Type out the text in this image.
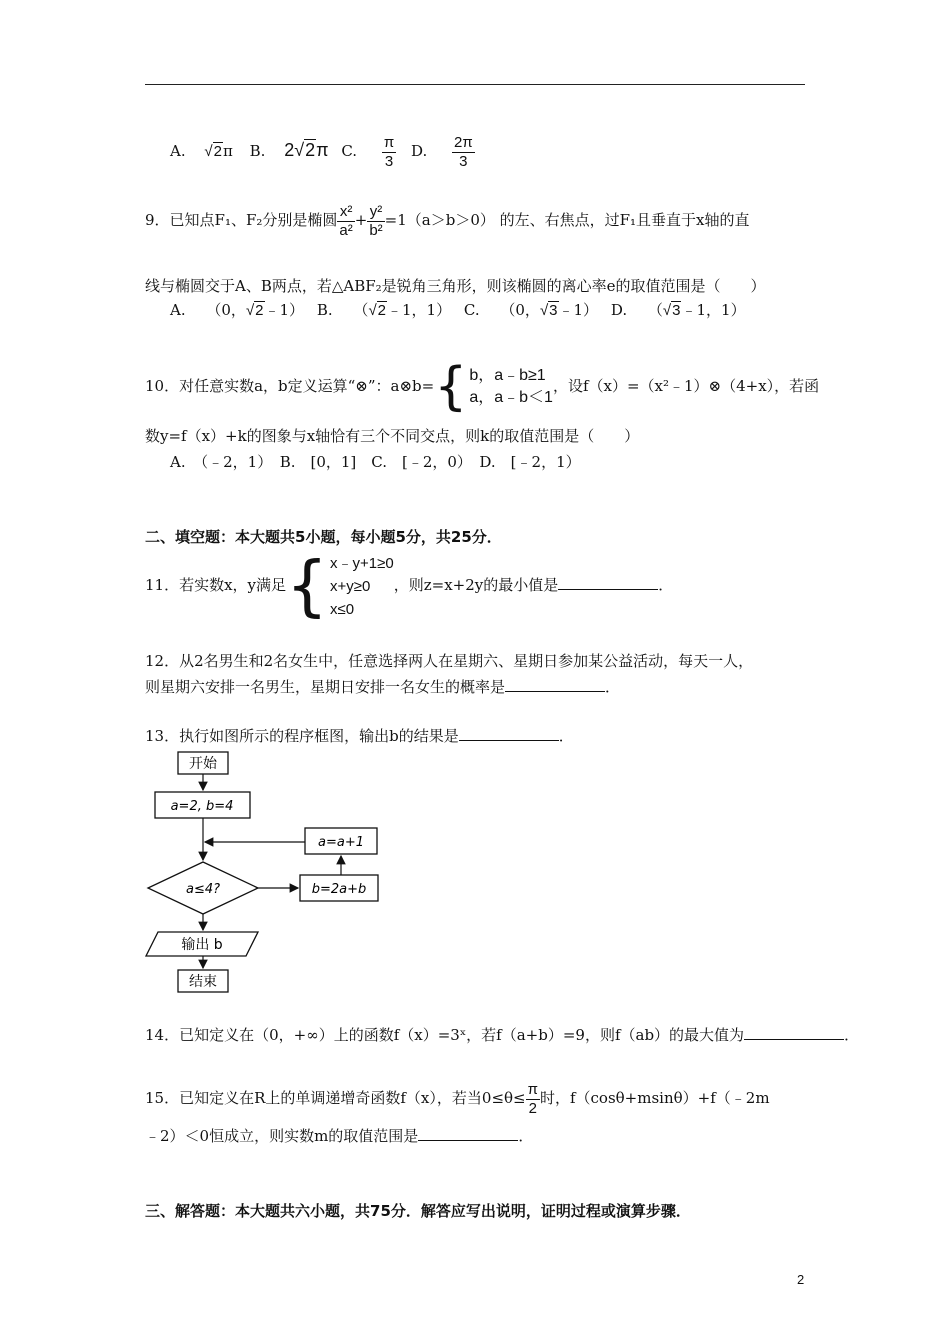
A. √2π B. 2√2π C. $\frac{\pi}{3} D$. $\frac{2\pi}{3}$
9．已知点F₁、F₂分别是椭圆 $\frac{\text{x²}}{\text{a²}} + \frac{\text{y²}}{\text{b²}} =1(a>b>0)$ 的左、右焦点，过F₁且垂直于x轴的直
线与椭圆交于A、B两点，若△ABF₂是锐角三角形，则该椭圆的离心率e的取值范围是（　　）
A. （0，√2﹣1） B. （√2﹣1，1） C. （0，√3﹣1） D. （√3﹣1，1）
10．对任意实数a，b定义运算“⊗”：a⊗b= { b，a﹣b≥1
a，a﹣b＜1
，设f（x）=（x²﹣1）⊗（4+x），若函
数y=f（x）+k的图象与x轴恰有三个不同交点，则k的取值范围是（　　）
A.　（﹣2，1）　B.　[0，1]　C.　[﹣2，0）　D.　[﹣2，1）
二、填空题：本大题共5小题，每小题5分，共25分．
11．若实数x，y满足 { x﹣y+1≥0
x+y≥0
x≤0
，则z=x+2y的最小值是	．
12．从2名男生和2名女生中，任意选择两人在星期六、星期日参加某公益活动，每天一人，
则星期六安排一名男生，星期日安排一名女生的概率是	．
13．执行如图所示的程序框图，输出b的结果是	．
开始
a=2, b=4
a=a+1
a≤4?	b=2a+b
输出 b
结束
14．已知定义在（0，+∞）上的函数f（x）=3ˣ，若f（a+b）=9，则f（ab）的最大值为	．
15．已知定义在R上的单调递增奇函数f（x），若当$0\le\theta\le \frac{\pi}{2}$ 时，f（cosθ+msinθ）+f（﹣2m
﹣2）＜0恒成立，则实数m的取值范围是	．
三、解答题：本大题共六小题，共75分．解答应写出说明，证明过程或演算步骤．
2
